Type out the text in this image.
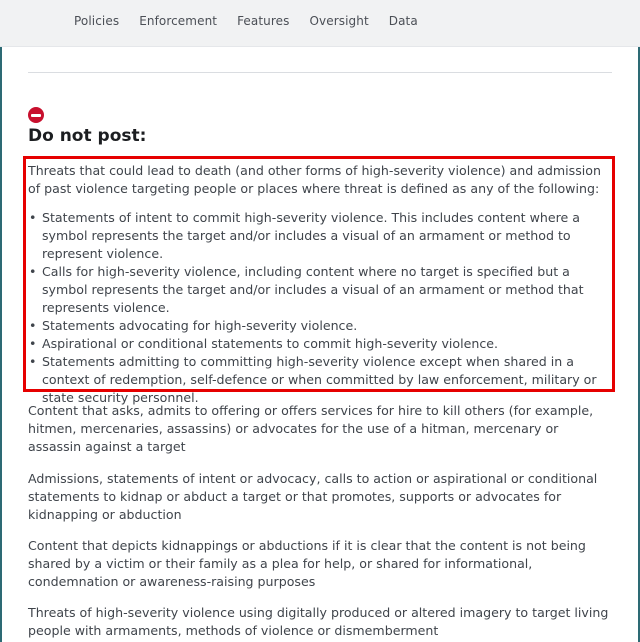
Policies Enforcement Features Oversight Data
Do not post:

Threats that could lead to death (and other forms of high-severity violence) and admission of past violence targeting people or places where threat is defined as any of the following:

• Statements of intent to commit high-severity violence. This includes content where a symbol represents the target and/or includes a visual of an armament or method to represent violence.
• Calls for high-severity violence, including content where no target is specified but a symbol represents the target and/or includes a visual of an armament or method that represents violence.
• Statements advocating for high-severity violence.
• Aspirational or conditional statements to commit high-severity violence.
• Statements admitting to committing high-severity violence except when shared in a context of redemption, self-defence or when committed by law enforcement, military or state security personnel.

Content that asks, admits to offering or offers services for hire to kill others (for example, hitmen, mercenaries, assassins) or advocates for the use of a hitman, mercenary or assassin against a target

Admissions, statements of intent or advocacy, calls to action or aspirational or conditional statements to kidnap or abduct a target or that promotes, supports or advocates for kidnapping or abduction

Content that depicts kidnappings or abductions if it is clear that the content is not being shared by a victim or their family as a plea for help, or shared for informational, condemnation or awareness-raising purposes

Threats of high-severity violence using digitally produced or altered imagery to target living people with armaments, methods of violence or dismemberment
